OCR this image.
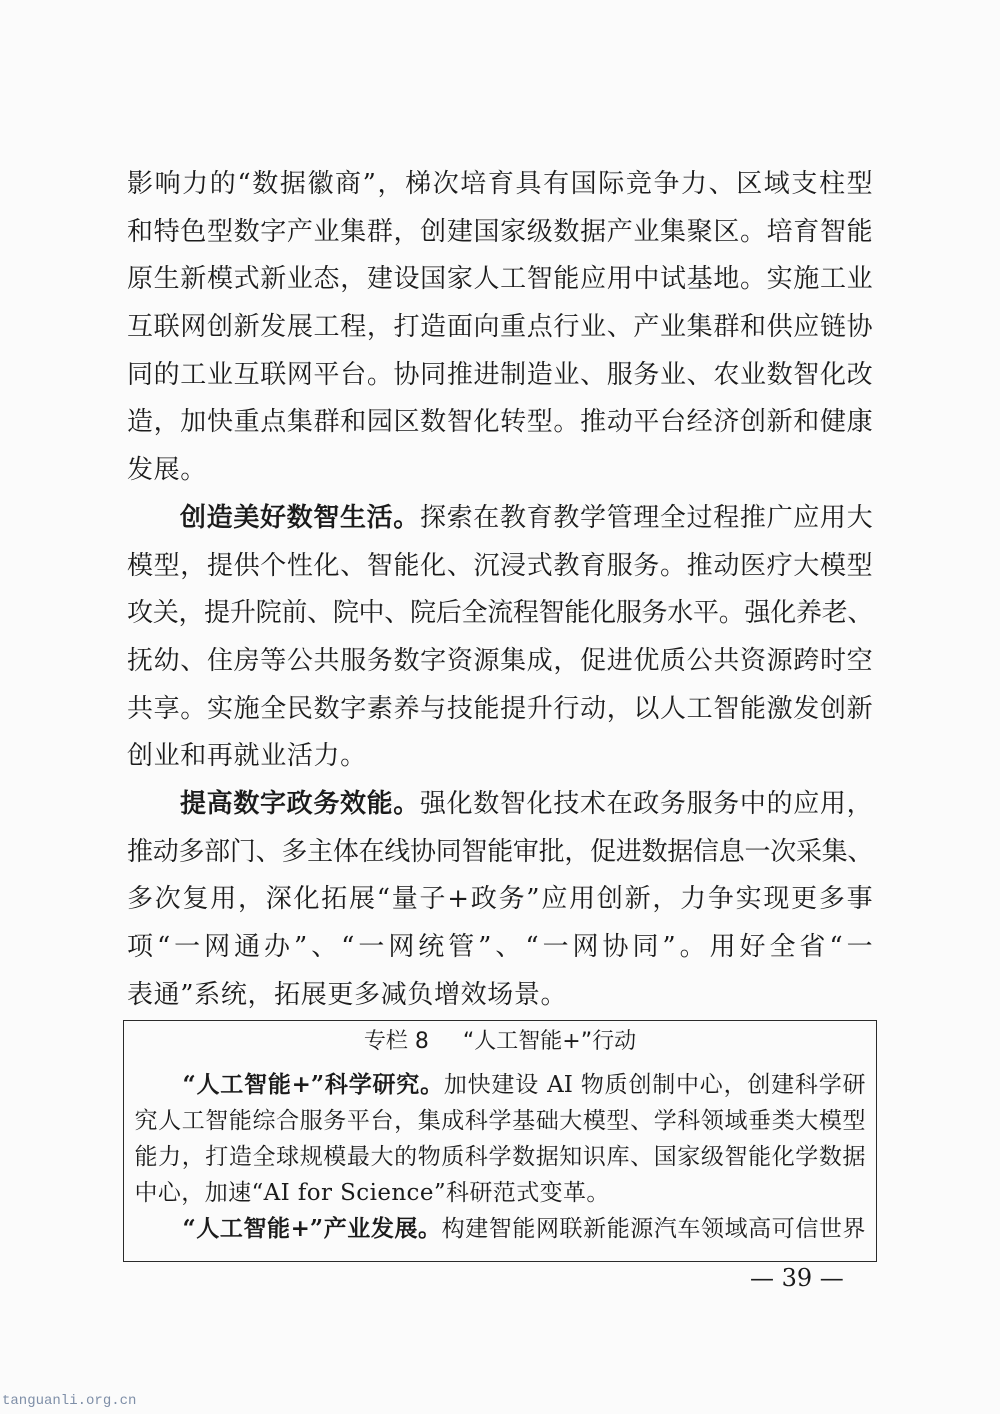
影响力的“数据徽商”，梯次培育具有国际竞争力、区域支柱型
和特色型数字产业集群，创建国家级数据产业集聚区。培育智能
原生新模式新业态，建设国家人工智能应用中试基地。实施工业
互联网创新发展工程，打造面向重点行业、产业集群和供应链协
同的工业互联网平台。协同推进制造业、服务业、农业数智化改
造，加快重点集群和园区数智化转型。推动平台经济创新和健康
发展。
创造美好数智生活。探索在教育教学管理全过程推广应用大
模型，提供个性化、智能化、沉浸式教育服务。推动医疗大模型
攻关，提升院前、院中、院后全流程智能化服务水平。强化养老、
抚幼、住房等公共服务数字资源集成，促进优质公共资源跨时空
共享。实施全民数字素养与技能提升行动，以人工智能激发创新
创业和再就业活力。
提高数字政务效能。强化数智化技术在政务服务中的应用，
推动多部门、多主体在线协同智能审批，促进数据信息一次采集、
多次复用，深化拓展“量子+政务”应用创新，力争实现更多事
项“一网通办”、“一网统管”、“一网协同”。用好全省“一
表通”系统，拓展更多减负增效场景。
专栏 8 “人工智能+”行动
“人工智能+”科学研究。加快建设 AI 物质创制中心，创建科学研
究人工智能综合服务平台，集成科学基础大模型、学科领域垂类大模型
能力，打造全球规模最大的物质科学数据知识库、国家级智能化学数据
中心，加速“AI for Science”科研范式变革。
“人工智能+”产业发展。构建智能网联新能源汽车领域高可信世界
— 39 —
tanguanli.org.cn
